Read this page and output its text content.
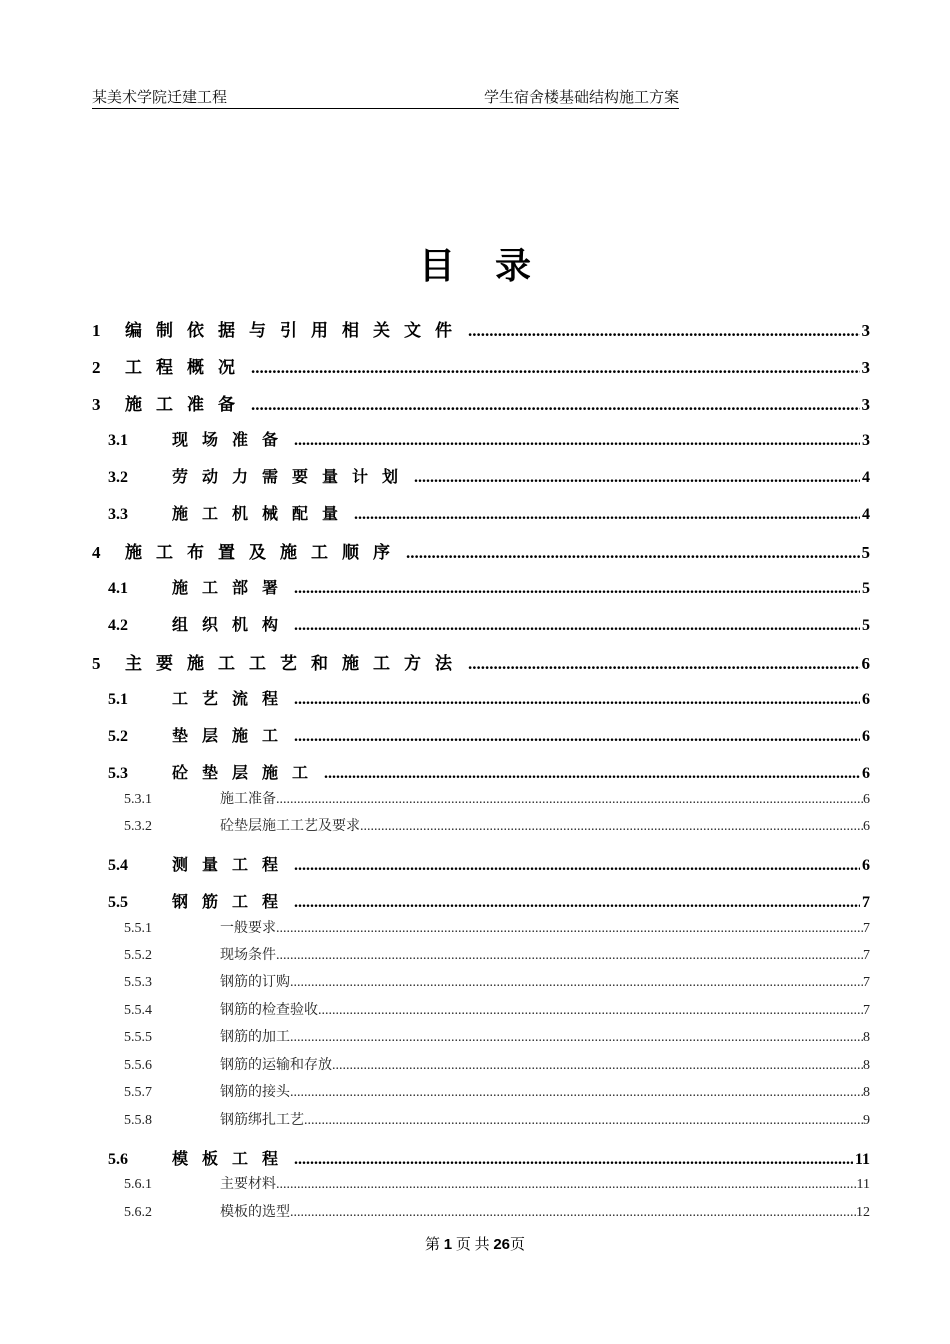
某美术学院迁建工程	学生宿舍楼基础结构施工方案
目录
1	编制依据与引用相关文件 .....	3
2	工程概况 .....	3
3	施工准备 .....	3
3.1	现场准备 .....	3
3.2	劳动力需要量计划 .....	4
3.3	施工机械配量 .....	4
4	施工布置及施工顺序 .....	5
4.1	施工部署 .....	5
4.2	组织机构 .....	5
5	主要施工工艺和施工方法 .....	6
5.1	工艺流程 .....	6
5.2	垫层施工 .....	6
5.3	砼垫层施工 .....	6
5.3.1	施工准备 .....	6
5.3.2	砼垫层施工工艺及要求 .....	6
5.4	测量工程 .....	6
5.5	钢筋工程 .....	7
5.5.1	一般要求 .....	7
5.5.2	现场条件 .....	7
5.5.3	钢筋的订购 .....	7
5.5.4	钢筋的检查验收 .....	7
5.5.5	钢筋的加工 .....	8
5.5.6	钢筋的运输和存放 .....	8
5.5.7	钢筋的接头 .....	8
5.5.8	钢筋绑扎工艺 .....	9
5.6	模板工程 .....	11
5.6.1	主要材料 .....	11
5.6.2	模板的选型 .....	12
第 1 页 共 26页
